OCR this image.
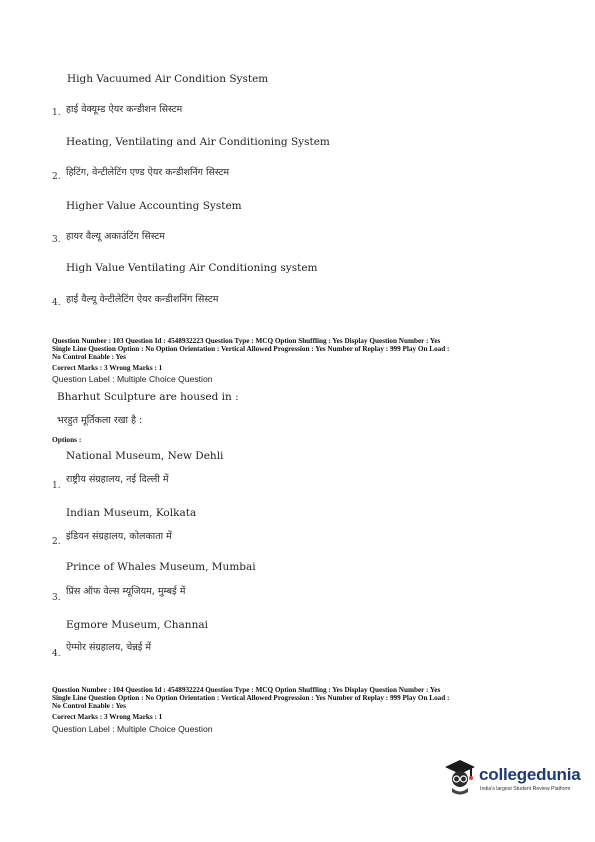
High Vacuumed Air Condition System
1. हाई वेक्यूम्ड ऐयर कन्डीशन सिस्टम
Heating, Ventilating and Air Conditioning System
2. हिटिंग, वेन्टीलेटिंग एण्ड ऐयर कन्डीशनिंग सिस्टम
Higher Value Accounting System
3. हायर वैल्यू अकाउंटिंग सिस्टम
High Value Ventilating Air Conditioning system
4. हाई वैल्यू वेन्टीलेटिंग ऐयर कन्डीशनिंग सिस्टम
Question Number : 103 Question Id : 4548932223 Question Type : MCQ Option Shuffling : Yes Display Question Number : Yes
Single Line Question Option : No Option Orientation : Vertical Allowed Progression : Yes Number of Replay : 999 Play On Load :
No Control Enable : Yes
Correct Marks : 3 Wrong Marks : 1
Question Label : Multiple Choice Question
Bharhut Sculpture are housed in :
भरहुत मूर्तिकला रखा है :
Options :
National Museum, New Dehli
1.
राष्ट्रीय संग्रहालय, नई दिल्ली में
Indian Museum, Kolkata
2. इंडियन संग्रहालय, कोलकाता में
Prince of Whales Museum, Mumbai
3.
प्रिंस ऑफ वेल्स म्यूजियम, मुम्बई में
Egmore Museum, Channai
4.
ऐग्मोर संग्रहालय, चेन्नई में
Question Number : 104 Question Id : 4548932224 Question Type : MCQ Option Shuffling : Yes Display Question Number : Yes
Single Line Question Option : No Option Orientation : Vertical Allowed Progression : Yes Number of Replay : 999 Play On Load :
No Control Enable : Yes
Correct Marks : 3 Wrong Marks : 1
Question Label : Multiple Choice Question
collegedunia
India's largest Student Review Platform
